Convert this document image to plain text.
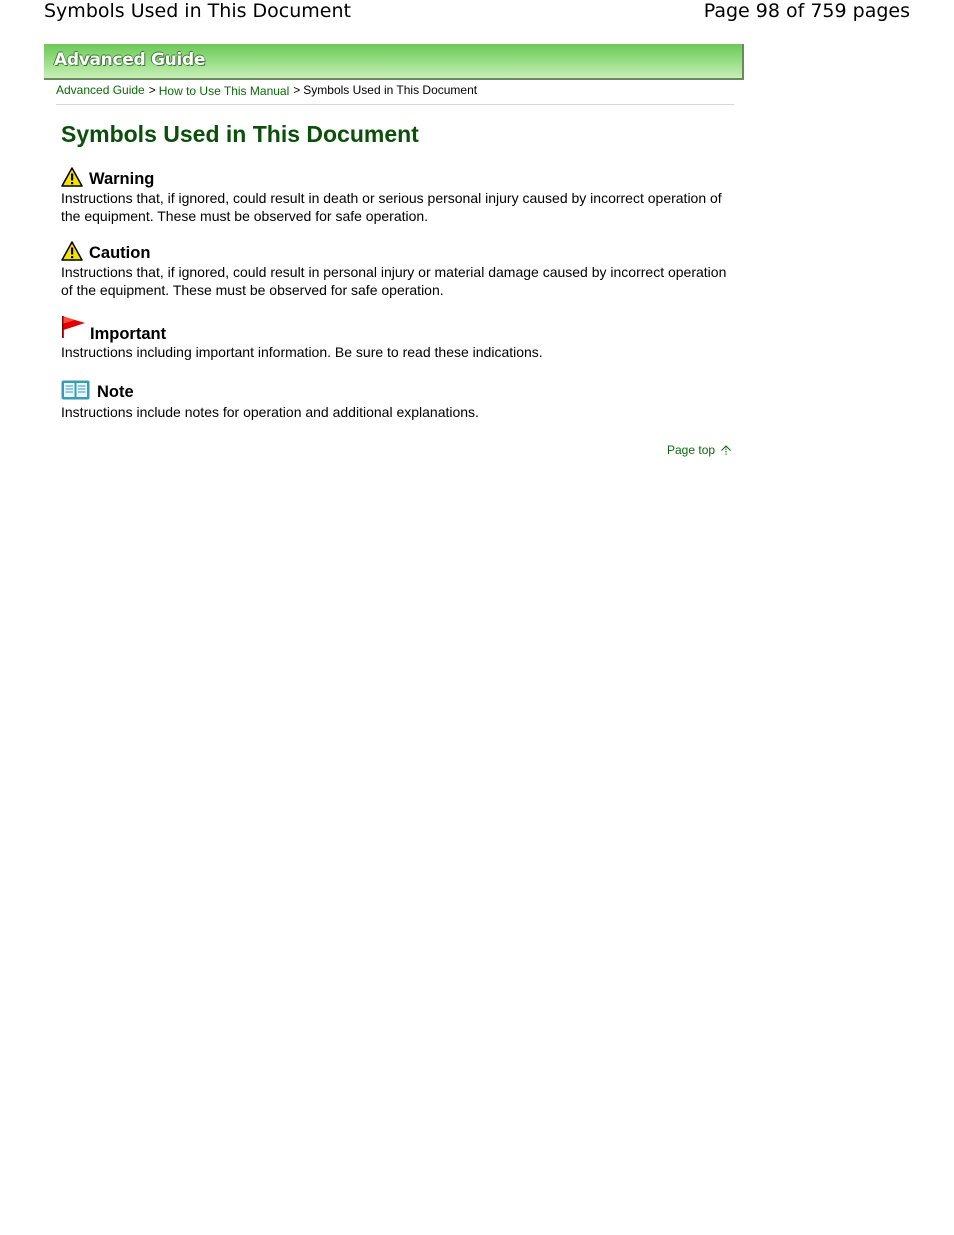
Symbols Used in This Document	Page 98 of 759 pages
Advanced Guide
Advanced Guide > How to Use This Manual > Symbols Used in This Document
Symbols Used in This Document
Warning
Instructions that, if ignored, could result in death or serious personal injury caused by incorrect operation of the equipment. These must be observed for safe operation.
Caution
Instructions that, if ignored, could result in personal injury or material damage caused by incorrect operation of the equipment. These must be observed for safe operation.
Important
Instructions including important information. Be sure to read these indications.
Note
Instructions include notes for operation and additional explanations.
Page top
